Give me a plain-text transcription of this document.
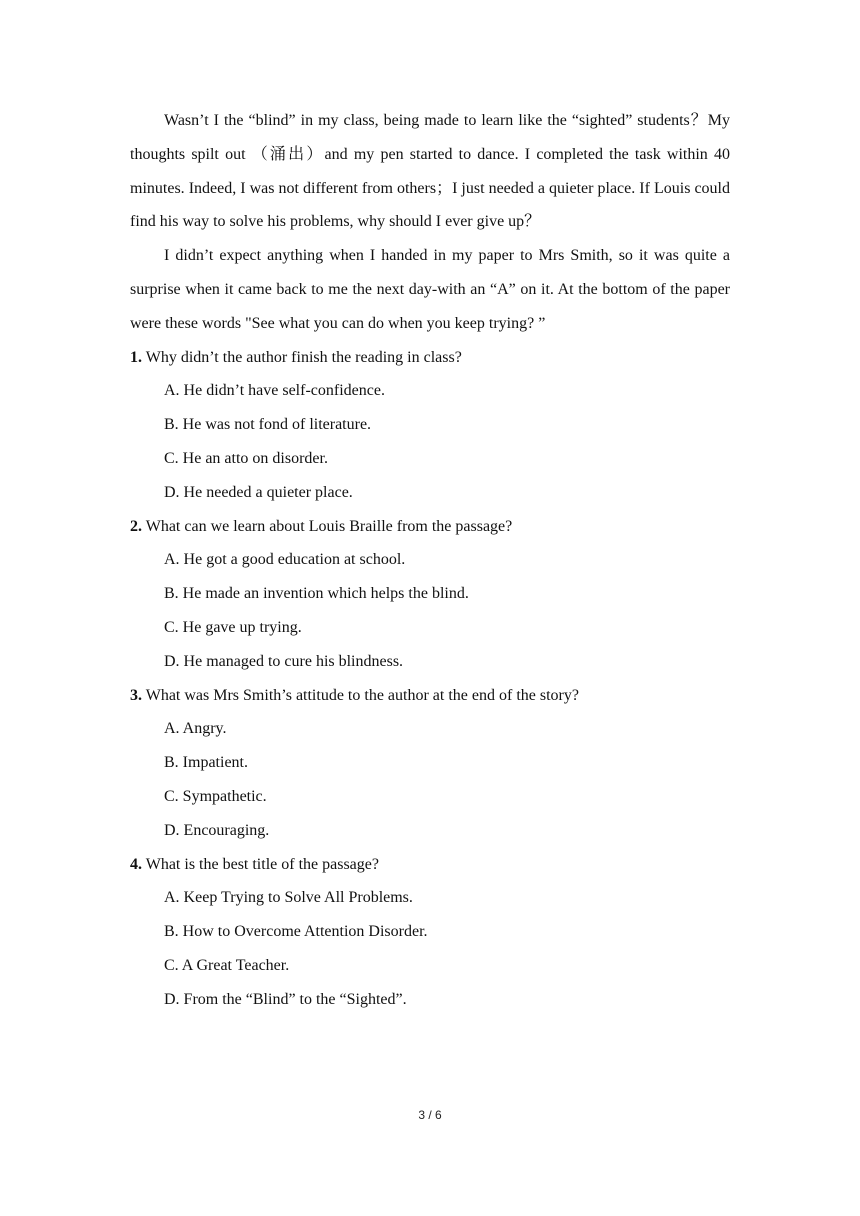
Wasn’t I the “blind” in my class, being made to learn like the “sighted” students？My thoughts spilt out （涌出）and my pen started to dance. I completed the task within 40 minutes. Indeed, I was not different from others；I just needed a quieter place. If Louis could find his way to solve his problems, why should I ever give up？

I didn’t expect anything when I handed in my paper to Mrs Smith, so it was quite a surprise when it came back to me the next day-with an “A” on it. At the bottom of the paper were these words "See what you can do when you keep trying? ”

1. Why didn’t the author finish the reading in class?

A. He didn’t have self-confidence.

B. He was not fond of literature.

C. He an atto on disorder.

D. He needed a quieter place.

2. What can we learn about Louis Braille from the passage?

A. He got a good education at school.

B. He made an invention which helps the blind.

C. He gave up trying.

D. He managed to cure his blindness.

3. What was Mrs Smith’s attitude to the author at the end of the story?

A. Angry.

B. Impatient.

C. Sympathetic.

D. Encouraging.

4. What is the best title of the passage?

A. Keep Trying to Solve All Problems.

B. How to Overcome Attention Disorder.

C. A Great Teacher.

D. From the “Blind” to the “Sighted”.

3 / 6
